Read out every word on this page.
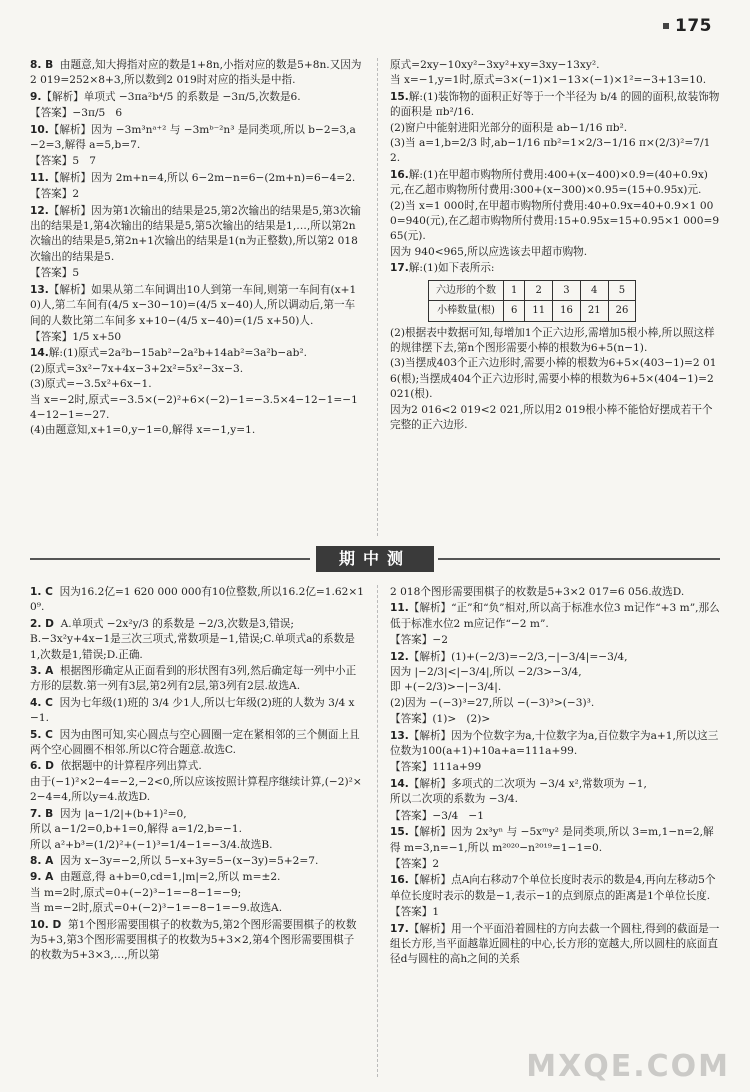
175
8. B  由题意,知大拇指对应的数是1+8n,小指对应的数是5+8n.又因为2 019=252×8+3,所以数到2 019时对应的指头是中指.
9.【解析】单项式 −3πa²b⁴/5 的系数是 −3π/5,次数是6.
【答案】−3π/5   6
10.【解析】因为 −3m³nᵃ⁺² 与 −3mᵇ⁻²n³ 是同类项,所以 b−2=3,a−2=3,解得 a=5,b=7.
【答案】5   7
11.【解析】因为 2m+n=4,所以 6−2m−n=6−(2m+n)=6−4=2.
【答案】2
12.【解析】因为第1次输出的结果是25,第2次输出的结果是5,第3次输出的结果是1,第4次输出的结果是5,第5次输出的结果是1,…,所以第2n次输出的结果是5,第2n+1次输出的结果是1(n为正整数),所以第2 018次输出的结果是5.
【答案】5
13.【解析】如果从第二车间调出10人到第一车间,则第一车间有(x+10)人,第二车间有(4/5 x−30−10)=(4/5 x−40)人,所以调动后,第一车间的人数比第二车间多 x+10−(4/5 x−40)=(1/5 x+50)人.
【答案】1/5 x+50
14.解:(1)原式=2a²b−15ab²−2a²b+14ab²=3a²b−ab².
(2)原式=3x²−7x+4x−3+2x²=5x²−3x−3.
(3)原式=−3.5x²+6x−1.
当 x=−2时,原式=−3.5×(−2)²+6×(−2)−1=−3.5×4−12−1=−14−12−1=−27.
(4)由题意知,x+1=0,y−1=0,解得 x=−1,y=1.
原式=2xy−10xy²−3xy²+xy=3xy−13xy².
当 x=−1,y=1时,原式=3×(−1)×1−13×(−1)×1²=−3+13=10.
15.解:(1)装饰物的面积正好等于一个半径为 b/4 的圆的面积,故装饰物的面积是 πb²/16.
(2)窗户中能射进阳光部分的面积是 ab−1/16 πb².
(3)当 a=1,b=2/3 时,ab−1/16 πb²=1×2/3−1/16 π×(2/3)²=7/12.
16.解:(1)在甲超市购物所付费用:400+(x−400)×0.9=(40+0.9x)元,在乙超市购物所付费用:300+(x−300)×0.95=(15+0.95x)元.
(2)当 x=1 000时,在甲超市购物所付费用:40+0.9x=40+0.9×1 000=940(元),在乙超市购物所付费用:15+0.95x=15+0.95×1 000=965(元).
因为 940<965,所以应选该去甲超市购物.
17.解:(1)如下表所示:
六边形的个数	1	2	3	4	5
小棒数量(根)	6	11	16	21	26
(2)根据表中数据可知,每增加1个正六边形,需增加5根小棒,所以照这样的规律摆下去,第n个图形需要小棒的根数为6+5(n−1).
(3)当摆成403个正六边形时,需要小棒的根数为6+5×(403−1)=2 016(根);当摆成404个正六边形时,需要小棒的根数为6+5×(404−1)=2 021(根).
因为2 016<2 019<2 021,所以用2 019根小棒不能恰好摆成若干个完整的正六边形.
期中测
1. C  因为16.2亿=1 620 000 000有10位整数,所以16.2亿=1.62×10⁹.
2. D  A.单项式 −2x²y/3 的系数是 −2/3,次数是3,错误;
B.−3x²y+4x−1是三次三项式,常数项是−1,错误;C.单项式a的系数是1,次数是1,错误;D.正确.
3. A  根据图形确定从正面看到的形状图有3列,然后确定每一列中小正方形的层数.第一列有3层,第2列有2层,第3列有2层.故选A.
4. C  因为七年级(1)班的 3/4 少1人,所以七年级(2)班的人数为 3/4 x−1.
5. C  因为由图可知,实心圆点与空心圆圈一定在紧相邻的三个侧面上且两个空心圆圈不相邻.所以C符合题意.故选C.
6. D  依据题中的计算程序列出算式.
由于(−1)²×2−4=−2,−2<0,所以应该按照计算程序继续计算,(−2)²×2−4=4,所以y=4.故选D.
7. B  因为 |a−1/2|+(b+1)²=0,
所以 a−1/2=0,b+1=0,解得 a=1/2,b=−1.
所以 a²+b³=(1/2)²+(−1)³=1/4−1=−3/4.故选B.
8. A  因为 x−3y=−2,所以 5−x+3y=5−(x−3y)=5+2=7.
9. A  由题意,得 a+b=0,cd=1,|m|=2,所以 m=±2.
当 m=2时,原式=0+(−2)³−1=−8−1=−9;
当 m=−2时,原式=0+(−2)³−1=−8−1=−9.故选A.
10. D  第1个图形需要围棋子的枚数为5,第2个图形需要围棋子的枚数为5+3,第3个图形需要围棋子的枚数为5+3×2,第4个图形需要围棋子的枚数为5+3×3,…,所以第
2 018个图形需要围棋子的枚数是5+3×2 017=6 056.故选D.
11.【解析】“正”和“负”相对,所以高于标准水位3 m记作“+3 m”,那么低于标准水位2 m应记作“−2 m”.
【答案】−2
12.【解析】(1)+(−2/3)=−2/3,−|−3/4|=−3/4,
因为 |−2/3|<|−3/4|,所以 −2/3>−3/4,
即 +(−2/3)>−|−3/4|.
(2)因为 −(−3)³=27,所以 −(−3)³>(−3)³.
【答案】(1)>   (2)>
13.【解析】因为个位数字为a,十位数字为a,百位数字为a+1,所以这三位数为100(a+1)+10a+a=111a+99.
【答案】111a+99
14.【解析】多项式的二次项为 −3/4 x²,常数项为 −1,
所以二次项的系数为 −3/4.
【答案】−3/4   −1
15.【解析】因为 2x³yⁿ 与 −5xᵐy² 是同类项,所以 3=m,1−n=2,解得 m=3,n=−1,所以 m²⁰²⁰−n²⁰¹⁹=1−1=0.
【答案】2
16.【解析】点A向右移动7个单位长度时表示的数是4,再向左移动5个单位长度时表示的数是−1,表示−1的点到原点的距离是1个单位长度.
【答案】1
17.【解析】用一个平面沿着圆柱的方向去截一个圆柱,得到的截面是一组长方形,当平面越靠近圆柱的中心,长方形的宽越大,所以圆柱的底面直径d与圆柱的高h之间的关系
MXQE.COM
